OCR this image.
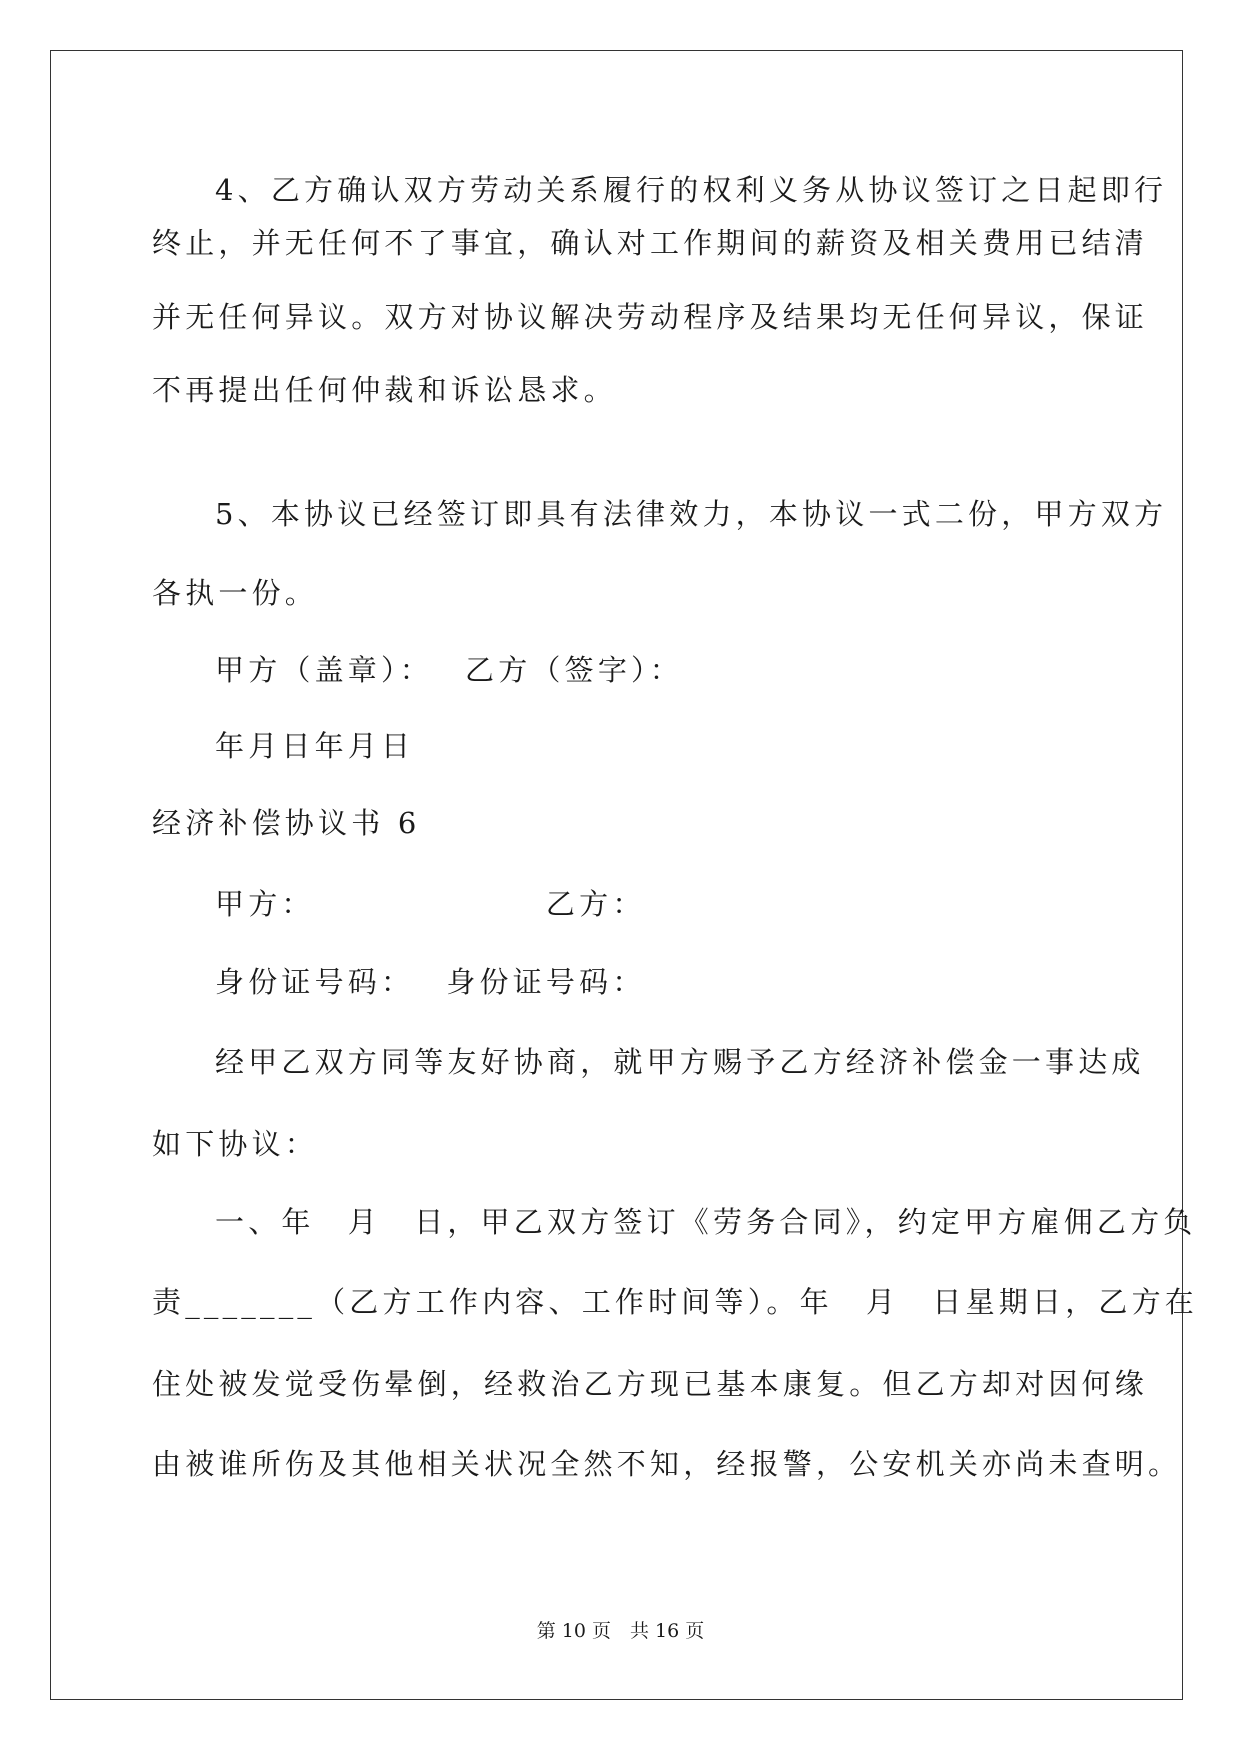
4、乙方确认双方劳动关系履行的权利义务从协议签订之日起即行
终止，并无任何不了事宜，确认对工作期间的薪资及相关费用已结清
并无任何异议。双方对协议解决劳动程序及结果均无任何异议，保证
不再提出任何仲裁和诉讼恳求。
5、本协议已经签订即具有法律效力，本协议一式二份，甲方双方
各执一份。
甲方（盖章）：　 乙方（签字）：
年月日年月日
经济补偿协议书 6
甲方：　　　　　　　 乙方：
身份证号码：　 身份证号码：
经甲乙双方同等友好协商，就甲方赐予乙方经济补偿金一事达成
如下协议：
一、年　月　日，甲乙双方签订《劳务合同》，约定甲方雇佣乙方负
责_______（乙方工作内容、工作时间等）。年　月　日星期日，乙方在
住处被发觉受伤晕倒，经救治乙方现已基本康复。但乙方却对因何缘
由被谁所伤及其他相关状况全然不知，经报警，公安机关亦尚未查明。
第 10 页　共 16 页
